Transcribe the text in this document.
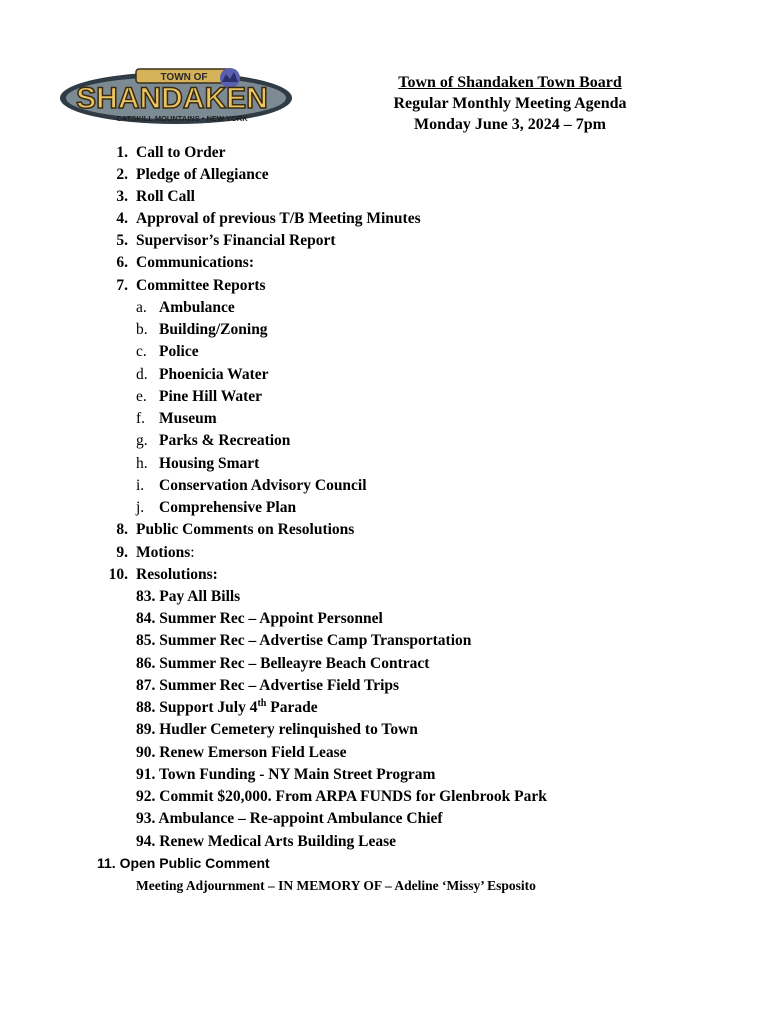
TOWN OF
SHANDAKEN
CATSKILL MOUNTAINS • NEW YORK
Town of Shandaken Town Board
Regular Monthly Meeting Agenda
Monday June 3, 2024 – 7pm
1. Call to Order
2. Pledge of Allegiance
3. Roll Call
4. Approval of previous T/B Meeting Minutes
5. Supervisor’s Financial Report
6. Communications:
7. Committee Reports
a. Ambulance
b. Building/Zoning
c. Police
d. Phoenicia Water
e. Pine Hill Water
f. Museum
g. Parks & Recreation
h. Housing Smart
i. Conservation Advisory Council
j. Comprehensive Plan
8. Public Comments on Resolutions
9. Motions:
10. Resolutions:
83. Pay All Bills
84. Summer Rec – Appoint Personnel
85. Summer Rec – Advertise Camp Transportation
86. Summer Rec – Belleayre Beach Contract
87. Summer Rec – Advertise Field Trips
88. Support July 4th Parade
89. Hudler Cemetery relinquished to Town
90. Renew Emerson Field Lease
91. Town Funding - NY Main Street Program
92. Commit $20,000. From ARPA FUNDS for Glenbrook Park
93. Ambulance – Re-appoint Ambulance Chief
94. Renew Medical Arts Building Lease
11. Open Public Comment
Meeting Adjournment – IN MEMORY OF – Adeline ‘Missy’ Esposito
